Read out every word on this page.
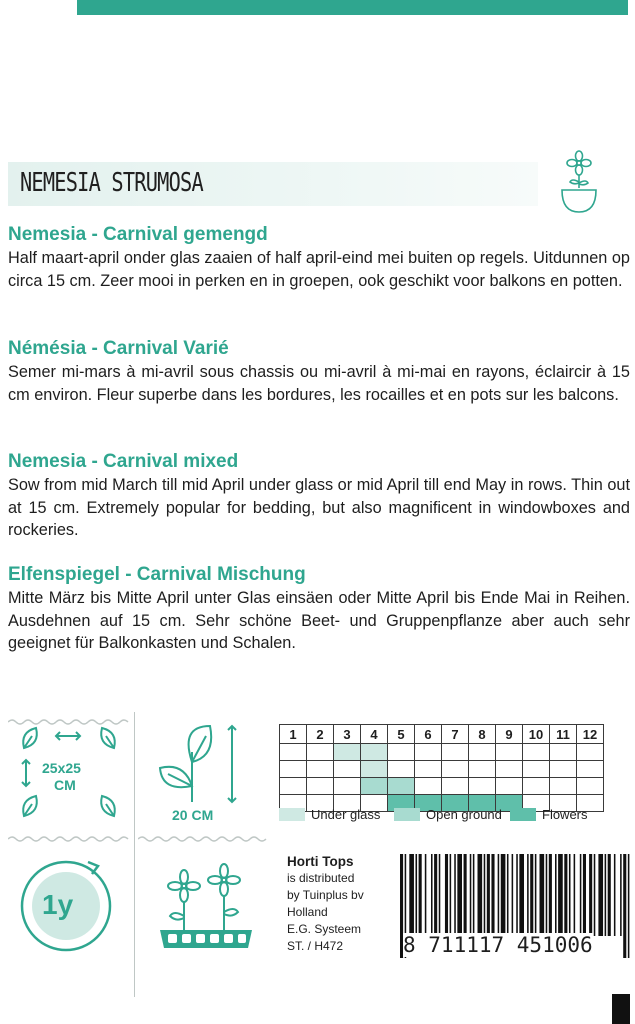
NEMESIA STRUMOSA
Nemesia - Carnival gemengd

Half maart-april onder glas zaaien of half april-eind mei buiten op regels. Uitdunnen op circa 15 cm. Zeer mooi in perken en in groepen, ook geschikt voor balkons en potten.

Némésia - Carnival Varié

Semer mi-mars à mi-avril sous chassis ou mi-avril à mi-mai en rayons, éclaircir à 15 cm environ. Fleur superbe dans les bordures, les rocailles et en pots sur les balcons.

Nemesia - Carnival mixed

Sow from mid March till mid April under glass or mid April till end May in rows. Thin out at 15 cm. Extremely popular for bedding, but also magnificent in windowboxes and rockeries.

Elfenspiegel - Carnival Mischung

Mitte März bis Mitte April unter Glas einsäen oder Mitte April bis Ende Mai in Reihen. Ausdehnen auf 15 cm. Sehr schöne Beet- und Gruppenpflanze aber auch sehr geeignet für Balkonkasten und Schalen.

25x25
CM
20 CM
1y
1	2	3	4	5	6	7	8	9	10	11	12

Under glass	Open ground	Flowers
Horti Tops
is distributed
by Tuinplus bv
Holland
E.G. Systeem
ST. / H472	8 711117 451006
